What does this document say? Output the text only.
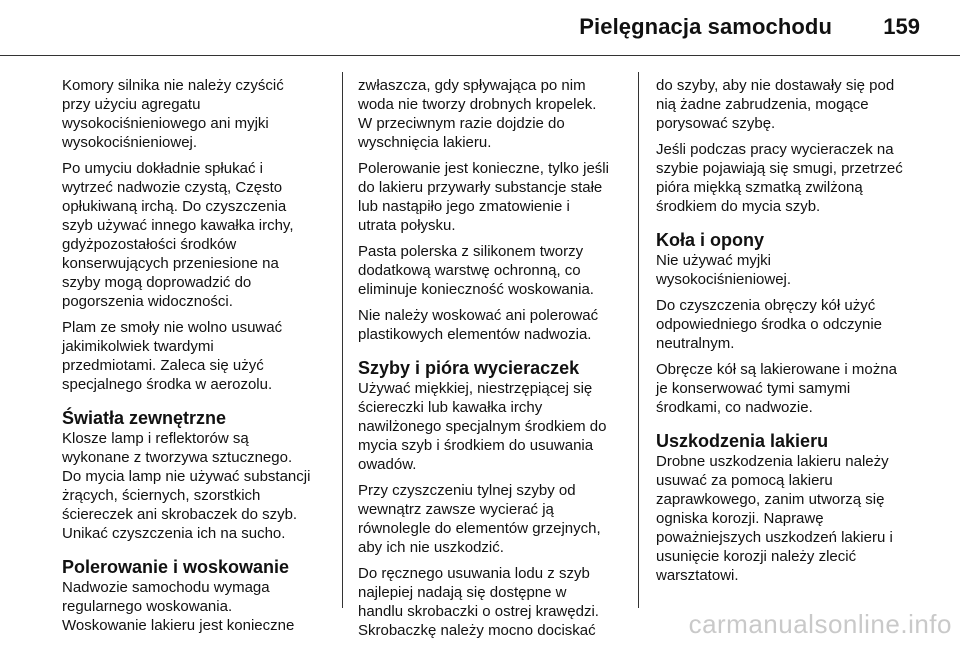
Pielęgnacja samochodu 159

Komory silnika nie należy czyścić
przy użyciu agregatu
wysokociśnieniowego ani myjki
wysokociśnieniowej.

Po umyciu dokładnie spłukać i
wytrzeć nadwozie czystą, Często
opłukiwaną irchą. Do czyszczenia
szyb używać innego kawałka irchy,
gdyżpozostałości środków
konserwujących przeniesione na
szyby mogą doprowadzić do
pogorszenia widoczności.

Plam ze smoły nie wolno usuwać
jakimikolwiek twardymi
przedmiotami. Zaleca się użyć
specjalnego środka w aerozolu.

Światła zewnętrzne

Klosze lamp i reflektorów są
wykonane z tworzywa sztucznego.
Do mycia lamp nie używać substancji
żrących, ściernych, szorstkich
ściereczek ani skrobaczek do szyb.
Unikać czyszczenia ich na sucho.

Polerowanie i woskowanie

Nadwozie samochodu wymaga
regularnego woskowania.
Woskowanie lakieru jest konieczne

zwłaszcza, gdy spływająca po nim
woda nie tworzy drobnych kropelek.
W przeciwnym razie dojdzie do
wyschnięcia lakieru.

Polerowanie jest konieczne, tylko jeśli
do lakieru przywarły substancje stałe
lub nastąpiło jego zmatowienie i
utrata połysku.

Pasta polerska z silikonem tworzy
dodatkową warstwę ochronną, co
eliminuje konieczność woskowania.

Nie należy woskować ani polerować
plastikowych elementów nadwozia.

Szyby i pióra wycieraczek

Używać miękkiej, niestrzępiącej się
ściereczki lub kawałka irchy
nawilżonego specjalnym środkiem do
mycia szyb i środkiem do usuwania
owadów.

Przy czyszczeniu tylnej szyby od
wewnątrz zawsze wycierać ją
równolegle do elementów grzejnych,
aby ich nie uszkodzić.

Do ręcznego usuwania lodu z szyb
najlepiej nadają się dostępne w
handlu skrobaczki o ostrej krawędzi.
Skrobaczkę należy mocno dociskać

do szyby, aby nie dostawały się pod
nią żadne zabrudzenia, mogące
porysować szybę.

Jeśli podczas pracy wycieraczek na
szybie pojawiają się smugi, przetrzeć
pióra miękką szmatką zwilżoną
środkiem do mycia szyb.

Koła i opony

Nie używać myjki
wysokociśnieniowej.

Do czyszczenia obręczy kół użyć
odpowiedniego środka o odczynie
neutralnym.

Obręcze kół są lakierowane i można
je konserwować tymi samymi
środkami, co nadwozie.

Uszkodzenia lakieru

Drobne uszkodzenia lakieru należy
usuwać za pomocą lakieru
zaprawkowego, zanim utworzą się
ogniska korozji. Naprawę
poważniejszych uszkodzeń lakieru i
usunięcie korozji należy zlecić
warsztatowi.

carmanualsonline.info
